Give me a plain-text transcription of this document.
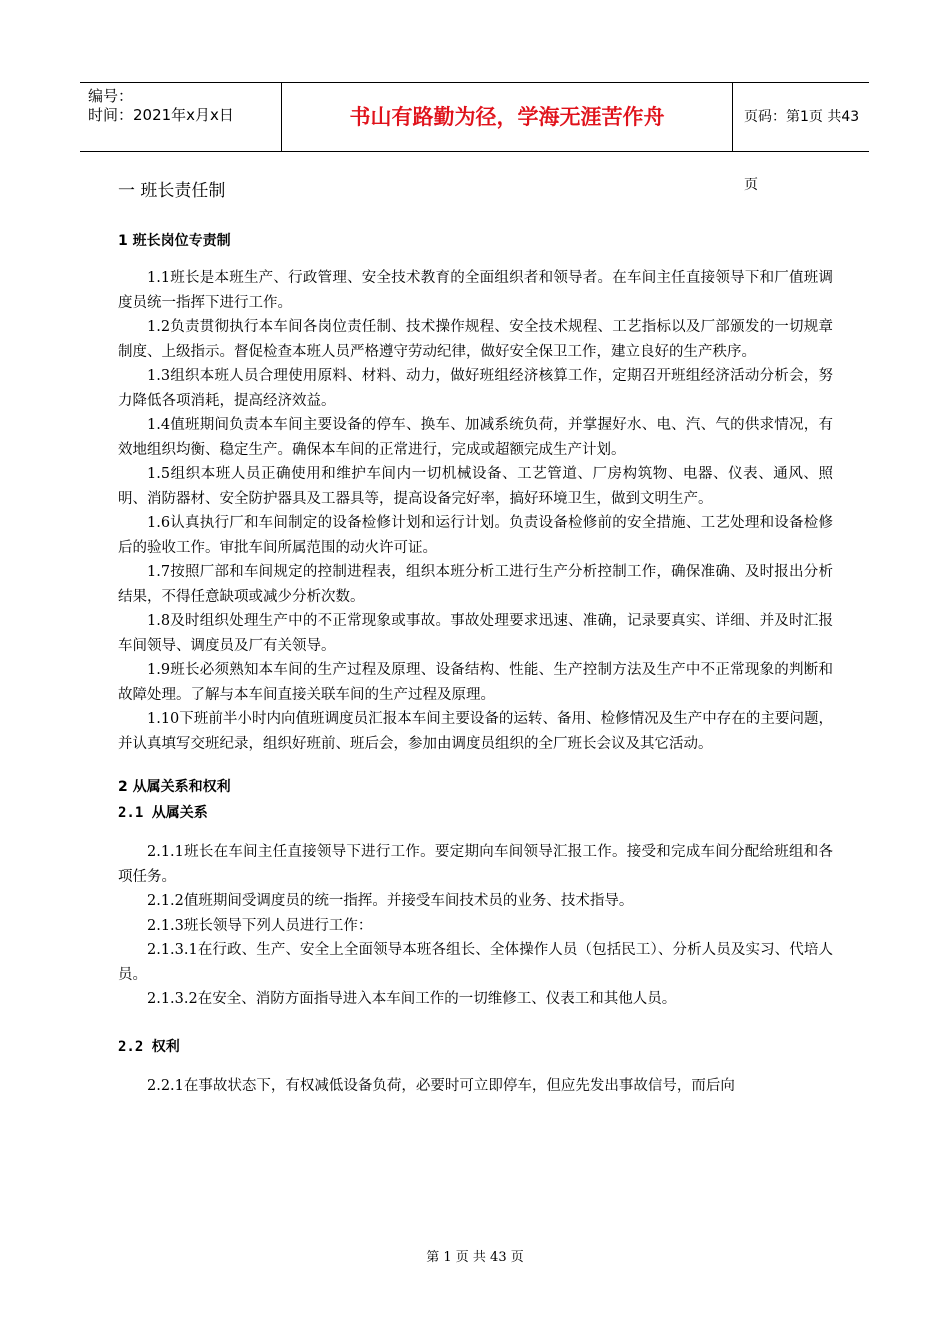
编号：
时间：2021年x月x日	书山有路勤为径，学海无涯苦作舟	页码：第1页 共43页
一 班长责任制
1 班长岗位专责制

1.1班长是本班生产、行政管理、安全技术教育的全面组织者和领导者。在车间主任直接领导下和厂值班调度员统一指挥下进行工作。

1.2负责贯彻执行本车间各岗位责任制、技术操作规程、安全技术规程、工艺指标以及厂部颁发的一切规章制度、上级指示。督促检查本班人员严格遵守劳动纪律，做好安全保卫工作，建立良好的生产秩序。

1.3组织本班人员合理使用原料、材料、动力，做好班组经济核算工作，定期召开班组经济活动分析会，努力降低各项消耗，提高经济效益。

1.4值班期间负责本车间主要设备的停车、换车、加减系统负荷，并掌握好水、电、汽、气的供求情况，有效地组织均衡、稳定生产。确保本车间的正常进行，完成或超额完成生产计划。

1.5组织本班人员正确使用和维护车间内一切机械设备、工艺管道、厂房构筑物、电器、仪表、通风、照明、消防器材、安全防护器具及工器具等，提高设备完好率，搞好环境卫生，做到文明生产。

1.6认真执行厂和车间制定的设备检修计划和运行计划。负责设备检修前的安全措施、工艺处理和设备检修后的验收工作。审批车间所属范围的动火许可证。

1.7按照厂部和车间规定的控制进程表，组织本班分析工进行生产分析控制工作，确保准确、及时报出分析结果，不得任意缺项或减少分析次数。

1.8及时组织处理生产中的不正常现象或事故。事故处理要求迅速、准确，记录要真实、详细、并及时汇报车间领导、调度员及厂有关领导。

1.9班长必须熟知本车间的生产过程及原理、设备结构、性能、生产控制方法及生产中不正常现象的判断和故障处理。了解与本车间直接关联车间的生产过程及原理。

1.10下班前半小时内向值班调度员汇报本车间主要设备的运转、备用、检修情况及生产中存在的主要问题，并认真填写交班纪录，组织好班前、班后会，参加由调度员组织的全厂班长会议及其它活动。

2 从属关系和权利
2.1 从属关系

2.1.1班长在车间主任直接领导下进行工作。要定期向车间领导汇报工作。接受和完成车间分配给班组和各项任务。

2.1.2值班期间受调度员的统一指挥。并接受车间技术员的业务、技术指导。

2.1.3班长领导下列人员进行工作：

2.1.3.1在行政、生产、安全上全面领导本班各组长、全体操作人员（包括民工）、分析人员及实习、代培人员。

2.1.3.2在安全、消防方面指导进入本车间工作的一切维修工、仪表工和其他人员。

2.2 权利

2.2.1在事故状态下，有权减低设备负荷，必要时可立即停车，但应先发出事故信号，而后向

第 1 页 共 43 页
